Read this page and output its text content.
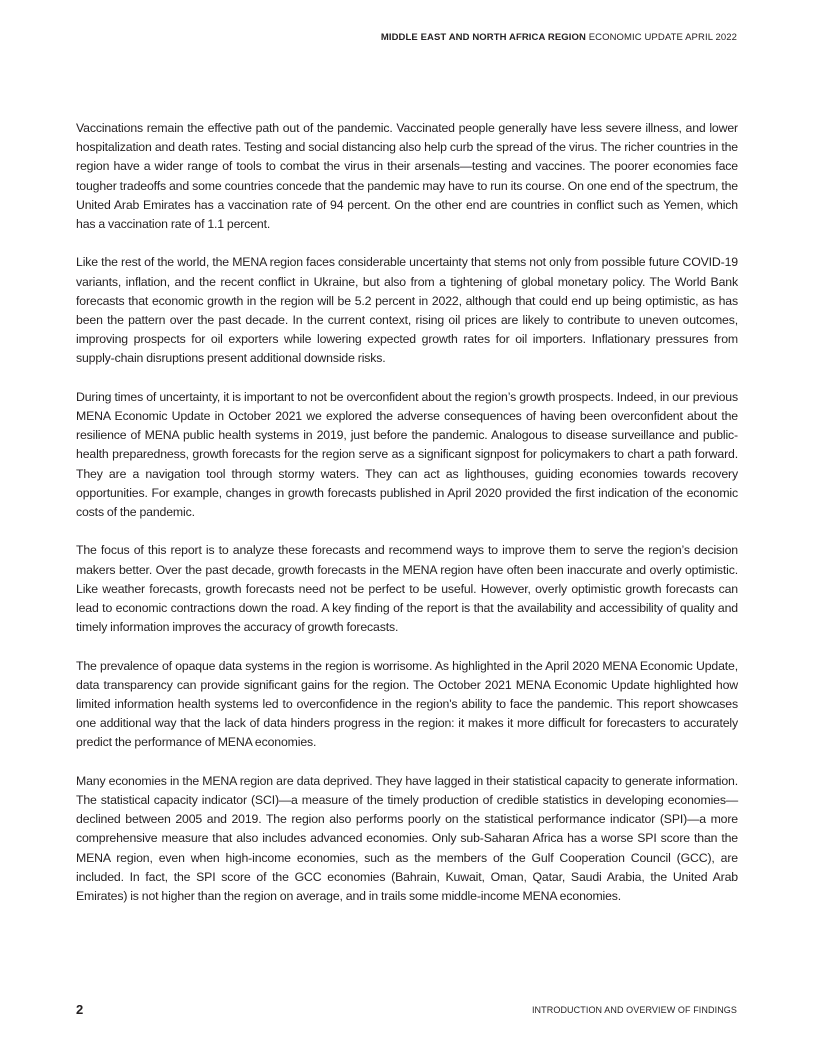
MIDDLE EAST AND NORTH AFRICA REGION ECONOMIC UPDATE APRIL 2022

Vaccinations remain the effective path out of the pandemic. Vaccinated people generally have less severe illness, and lower hospitalization and death rates. Testing and social distancing also help curb the spread of the virus. The richer countries in the region have a wider range of tools to combat the virus in their arsenals—testing and vaccines. The poorer economies face tougher tradeoffs and some countries concede that the pandemic may have to run its course. On one end of the spectrum, the United Arab Emirates has a vaccination rate of 94 percent. On the other end are countries in conflict such as Yemen, which has a vaccination rate of 1.1 percent.

Like the rest of the world, the MENA region faces considerable uncertainty that stems not only from possible future COVID-19 variants, inflation, and the recent conflict in Ukraine, but also from a tightening of global monetary policy. The World Bank forecasts that economic growth in the region will be 5.2 percent in 2022, although that could end up being optimistic, as has been the pattern over the past decade. In the current context, rising oil prices are likely to contribute to uneven outcomes, improving prospects for oil exporters while lowering expected growth rates for oil importers. Inflationary pressures from supply-chain disruptions present additional downside risks.

During times of uncertainty, it is important to not be overconfident about the region’s growth prospects. Indeed, in our previous MENA Economic Update in October 2021 we explored the adverse consequences of having been overconfident about the resilience of MENA public health systems in 2019, just before the pandemic. Analogous to disease surveillance and public-health preparedness, growth forecasts for the region serve as a significant signpost for policymakers to chart a path forward. They are a navigation tool through stormy waters. They can act as lighthouses, guiding economies towards recovery opportunities. For example, changes in growth forecasts published in April 2020 provided the first indication of the economic costs of the pandemic.

The focus of this report is to analyze these forecasts and recommend ways to improve them to serve the region’s decision makers better. Over the past decade, growth forecasts in the MENA region have often been inaccurate and overly optimistic. Like weather forecasts, growth forecasts need not be perfect to be useful. However, overly optimistic growth forecasts can lead to economic contractions down the road. A key finding of the report is that the availability and accessibility of quality and timely information improves the accuracy of growth forecasts.

The prevalence of opaque data systems in the region is worrisome. As highlighted in the April 2020 MENA Economic Update, data transparency can provide significant gains for the region. The October 2021 MENA Economic Update highlighted how limited information health systems led to overconfidence in the region's ability to face the pandemic. This report showcases one additional way that the lack of data hinders progress in the region: it makes it more difficult for forecasters to accurately predict the performance of MENA economies.

Many economies in the MENA region are data deprived. They have lagged in their statistical capacity to generate information. The statistical capacity indicator (SCI)—a measure of the timely production of credible statistics in developing economies—declined between 2005 and 2019. The region also performs poorly on the statistical performance indicator (SPI)—a more comprehensive measure that also includes advanced economies. Only sub-Saharan Africa has a worse SPI score than the MENA region, even when high-income economies, such as the members of the Gulf Cooperation Council (GCC), are included. In fact, the SPI score of the GCC economies (Bahrain, Kuwait, Oman, Qatar, Saudi Arabia, the United Arab Emirates) is not higher than the region on average, and in trails some middle-income MENA economies.

2	INTRODUCTION AND OVERVIEW OF FINDINGS
